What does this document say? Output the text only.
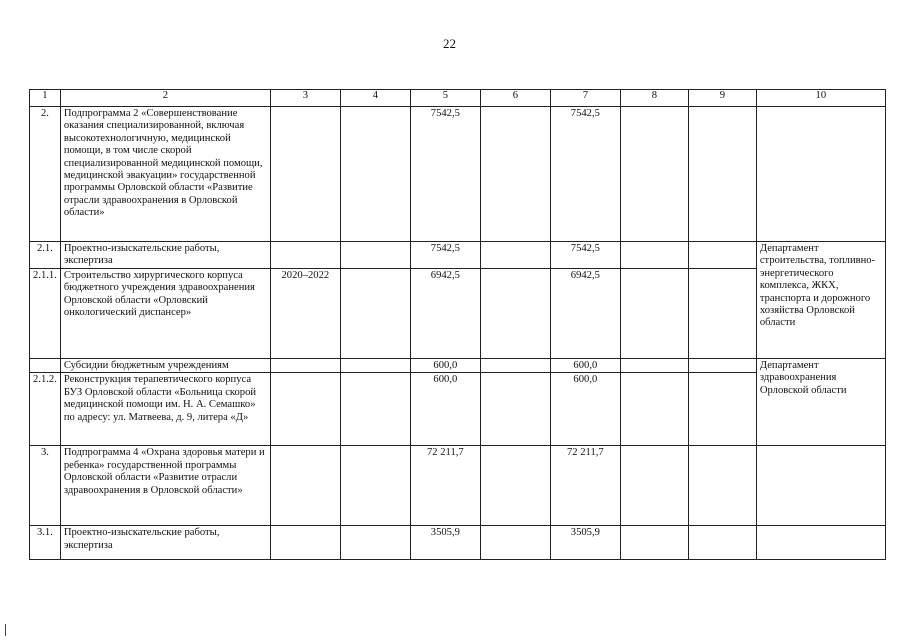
22
1	2	3	4	5	6	7	8	9	10
2.	Подпрограмма 2 «Совершенствование оказания специализированной, включая высокотехнологичную, медицинской помощи, в том числе скорой специализированной медицинской помощи, медицинской эвакуации» государственной программы Орловской области «Развитие отрасли здравоохранения в Орловской области»			7542,5		7542,5			
2.1.	Проектно-изыскательские работы, экспертиза			7542,5		7542,5			Департамент строительства, топливно-энергетического комплекса, ЖКХ, транспорта и дорожного хозяйства Орловской области
2.1.1.	Строительство хирургического корпуса бюджетного учреждения здравоохранения Орловской области «Орловский онкологический диспансер»	2020–2022		6942,5		6942,5			
	Субсидии бюджетным учреждениям			600,0		600,0			Департамент здравоохранения Орловской области
2.1.2.	Реконструкция терапевтического корпуса БУЗ Орловской области «Больница скорой медицинской помощи им. Н. А. Семашко» по адресу: ул. Матвеева, д. 9, литера «Д»			600,0		600,0			
3.	Подпрограмма 4 «Охрана здоровья матери и ребенка» государственной программы Орловской области «Развитие отрасли здравоохранения в Орловской области»			72 211,7		72 211,7			
3.1.	Проектно-изыскательские работы, экспертиза			3505,9		3505,9			
